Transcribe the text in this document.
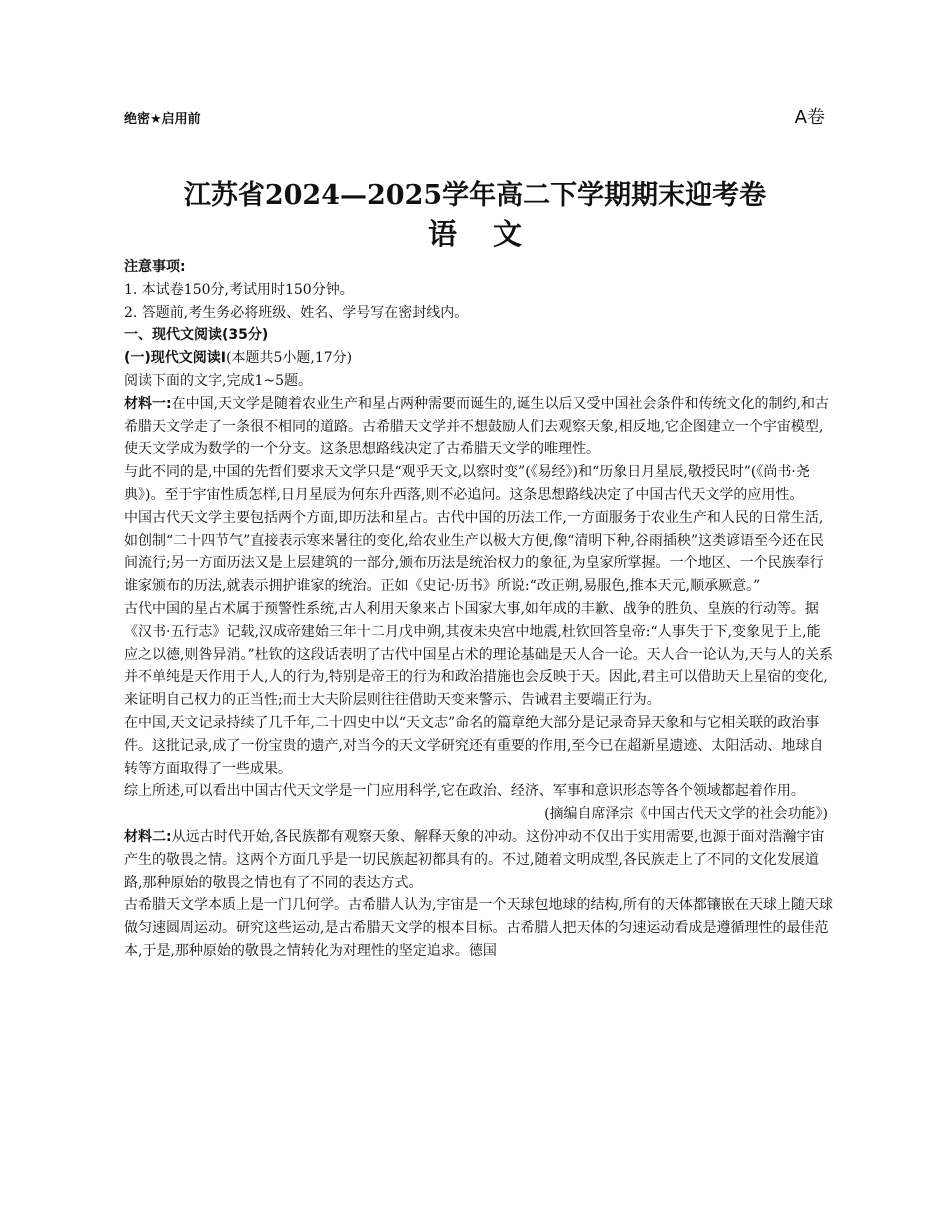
绝密★启用前	A卷
江苏省2024—2025学年高二下学期期末迎考卷
语文

注意事项:

1. 本试卷150分,考试用时150分钟。

2. 答题前,考生务必将班级、姓名、学号写在密封线内。

一、现代文阅读(35分)

(一)现代文阅读Ⅰ(本题共5小题,17分)

阅读下面的文字,完成1~5题。

材料一:在中国,天文学是随着农业生产和星占两种需要而诞生的,诞生以后又受中国社会条件和传统文化的制约,和古希腊天文学走了一条很不相同的道路。古希腊天文学并不想鼓励人们去观察天象,相反地,它企图建立一个宇宙模型,使天文学成为数学的一个分支。这条思想路线决定了古希腊天文学的唯理性。

与此不同的是,中国的先哲们要求天文学只是“观乎天文,以察时变”(《易经》)和“历象日月星辰,敬授民时”(《尚书·尧典》)。至于宇宙性质怎样,日月星辰为何东升西落,则不必追问。这条思想路线决定了中国古代天文学的应用性。

中国古代天文学主要包括两个方面,即历法和星占。古代中国的历法工作,一方面服务于农业生产和人民的日常生活,如创制“二十四节气”直接表示寒来暑往的变化,给农业生产以极大方便,像“清明下种,谷雨插秧”这类谚语至今还在民间流行;另一方面历法又是上层建筑的一部分,颁布历法是统治权力的象征,为皇家所掌握。一个地区、一个民族奉行谁家颁布的历法,就表示拥护谁家的统治。正如《史记·历书》所说:“改正朔,易服色,推本天元,顺承厥意。”

古代中国的星占术属于预警性系统,古人利用天象来占卜国家大事,如年成的丰歉、战争的胜负、皇族的行动等。据《汉书·五行志》记载,汉成帝建始三年十二月戊申朔,其夜未央宫中地震,杜钦回答皇帝:“人事失于下,变象见于上,能应之以德,则咎异消。”杜钦的这段话表明了古代中国星占术的理论基础是天人合一论。天人合一论认为,天与人的关系并不单纯是天作用于人,人的行为,特别是帝王的行为和政治措施也会反映于天。因此,君主可以借助天上星宿的变化,来证明自己权力的正当性;而士大夫阶层则往往借助天变来警示、告诫君主要端正行为。

在中国,天文记录持续了几千年,二十四史中以“天文志”命名的篇章绝大部分是记录奇异天象和与它相关联的政治事件。这批记录,成了一份宝贵的遗产,对当今的天文学研究还有重要的作用,至今已在超新星遗迹、太阳活动、地球自转等方面取得了一些成果。

综上所述,可以看出中国古代天文学是一门应用科学,它在政治、经济、军事和意识形态等各个领域都起着作用。

(摘编自席泽宗《中国古代天文学的社会功能》)

材料二:从远古时代开始,各民族都有观察天象、解释天象的冲动。这份冲动不仅出于实用需要,也源于面对浩瀚宇宙产生的敬畏之情。这两个方面几乎是一切民族起初都具有的。不过,随着文明成型,各民族走上了不同的文化发展道路,那种原始的敬畏之情也有了不同的表达方式。

古希腊天文学本质上是一门几何学。古希腊人认为,宇宙是一个天球包地球的结构,所有的天体都镶嵌在天球上随天球做匀速圆周运动。研究这些运动,是古希腊天文学的根本目标。古希腊人把天体的匀速运动看成是遵循理性的最佳范本,于是,那种原始的敬畏之情转化为对理性的坚定追求。德国
